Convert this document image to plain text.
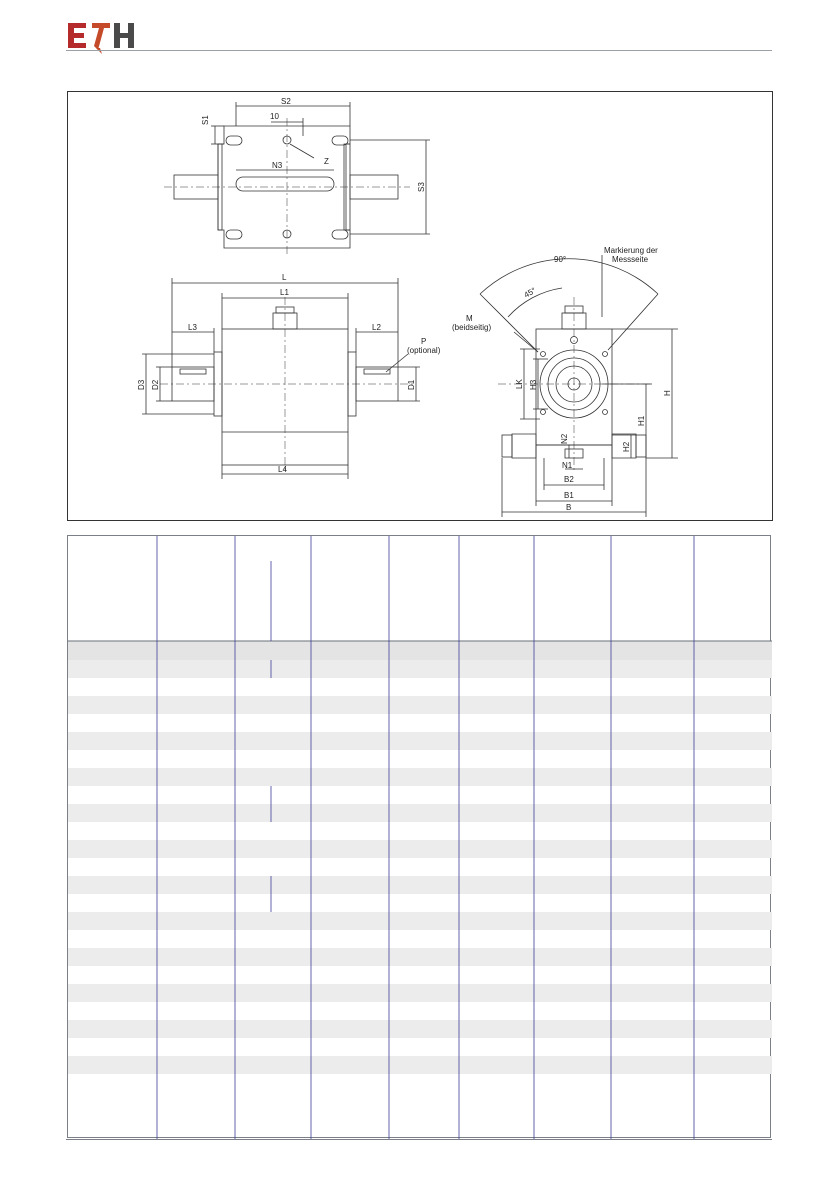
S2
10
S1
Z
N3
S3
L
L1
L3	L2
L4
D3 D2	D1
P
(optional)
90°
45°
Markierung der
Messseite
M
(beidseitig)
LK H3
H
H1
H2
N2
N1
B2
B1
B
